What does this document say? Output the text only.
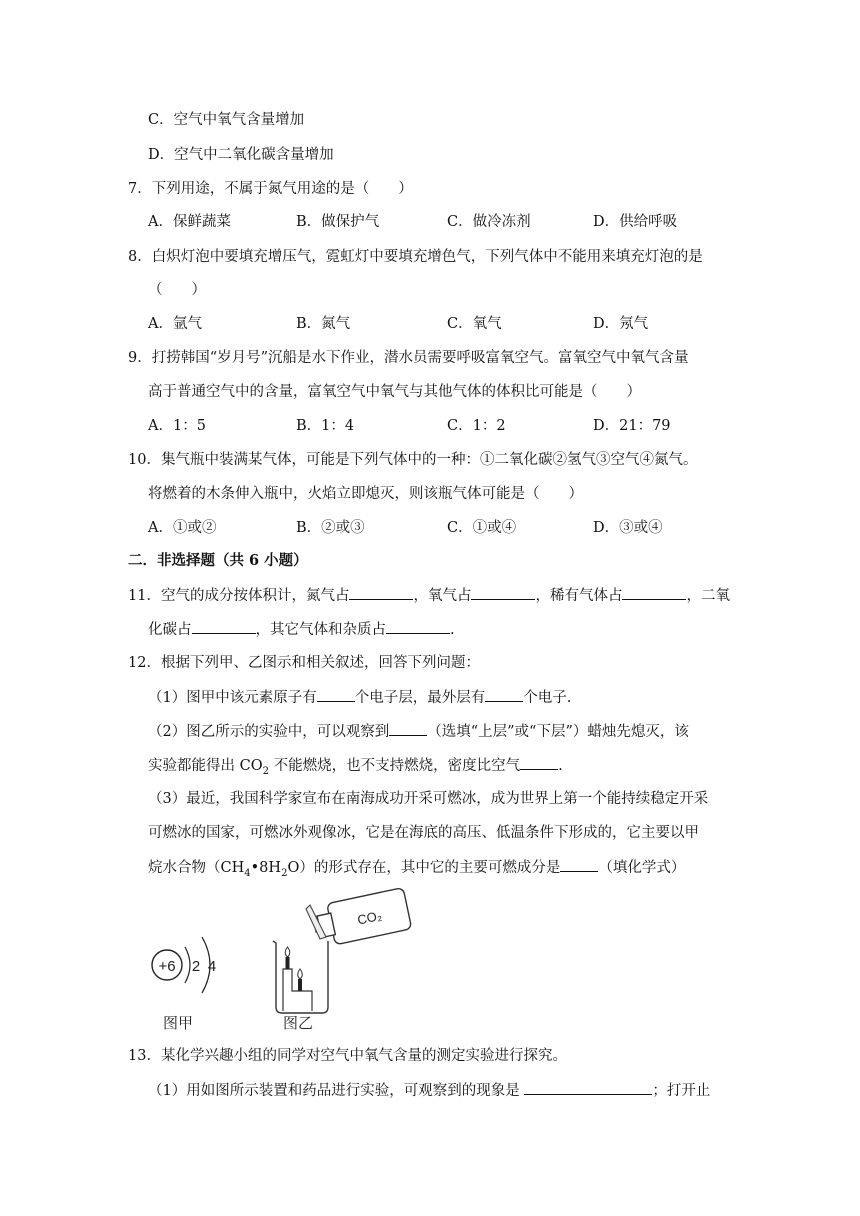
C．空气中氧气含量增加
D．空气中二氧化碳含量增加
7．下列用途，不属于氮气用途的是（　　）
A．保鲜蔬菜	B．做保护气	C．做冷冻剂	D．供给呼吸
8．白炽灯泡中要填充增压气，霓虹灯中要填充增色气，下列气体中不能用来填充灯泡的是
（　　）
A．氩气	B．氮气	C．氧气	D．氖气
9．打捞韩国“岁月号”沉船是水下作业，潜水员需要呼吸富氧空气。富氧空气中氧气含量
高于普通空气中的含量，富氧空气中氧气与其他气体的体积比可能是（　　）
A．1：5	B．1：4	C．1：2	D．21：79
10．集气瓶中装满某气体，可能是下列气体中的一种：①二氧化碳②氢气③空气④氮气。
将燃着的木条伸入瓶中，火焰立即熄灭，则该瓶气体可能是（　　）
A．①或②	B．②或③	C．①或④	D．③或④
二．非选择题（共 6 小题）
11．空气的成分按体积计，氮气占	，氧气占	，稀有气体占	，二氧
化碳占	，其它气体和杂质占	.
12．根据下列甲、乙图示和相关叙述，回答下列问题：
（1）图甲中该元素原子有	个电子层，最外层有	个电子.
（2）图乙所示的实验中，可以观察到	（选填“上层”或“下层”）蜡烛先熄灭，该
实验都能得出 $CO_2$ 不能燃烧，也不支持燃烧，密度比空气	.
（3）最近，我国科学家宣布在南海成功开采可燃冰，成为世界上第一个能持续稳定开采
可燃冰的国家，可燃冰外观像冰，它是在海底的高压、低温条件下形成的，它主要以甲
烷水合物$(CH_4•8H_2O)$的形式存在，其中它的主要可燃成分是	（填化学式）
+6 2 4
图甲
CO₂
图乙
13．某化学兴趣小组的同学对空气中氧气含量的测定实验进行探究。
（1）用如图所示装置和药品进行实验，可观察到的现象是	；打开止
